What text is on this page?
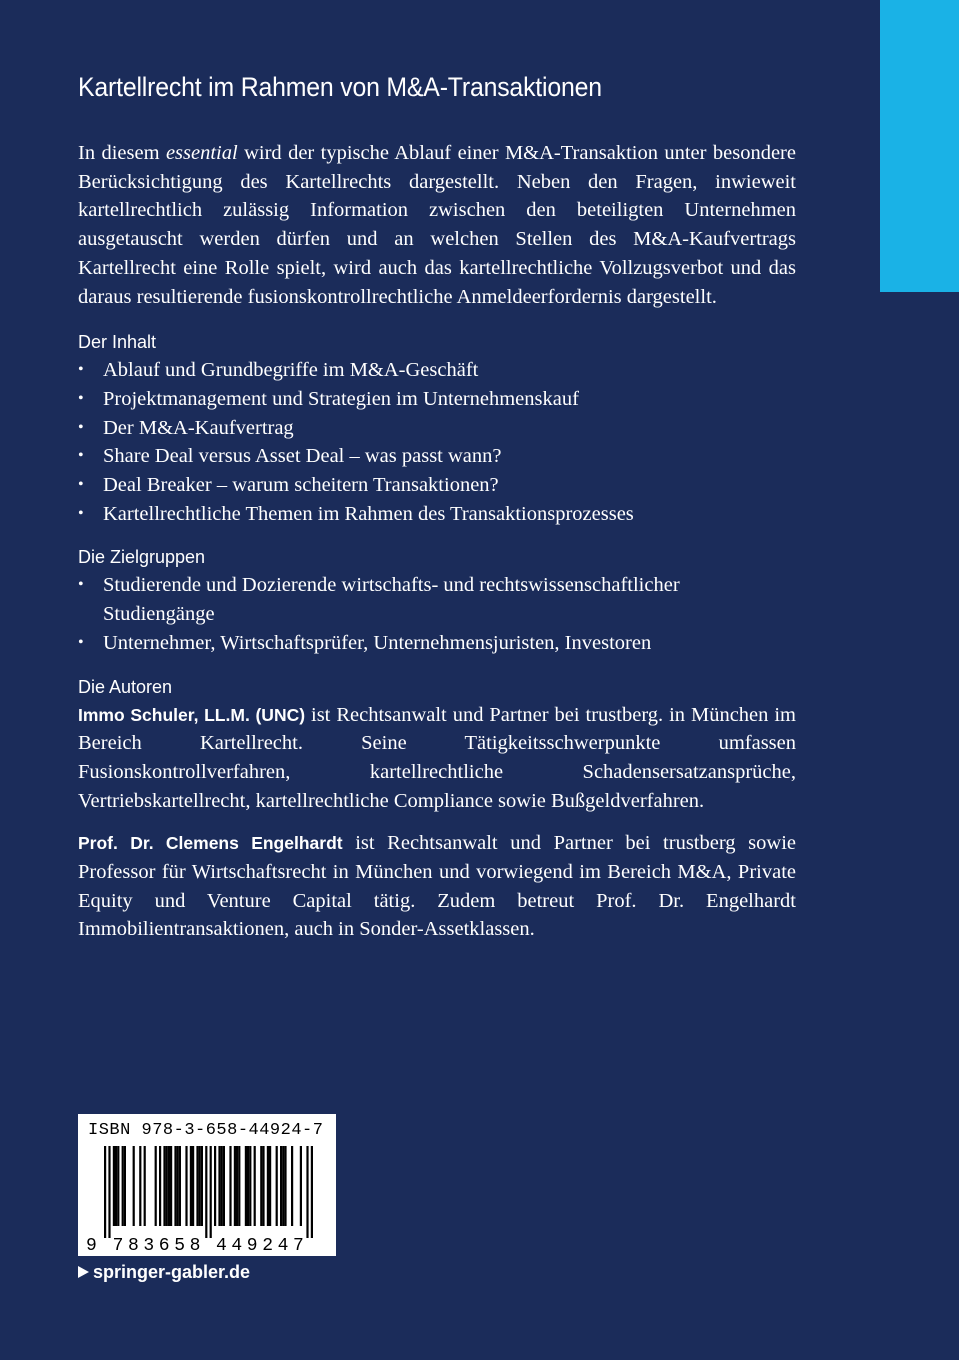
Kartellrecht im Rahmen von M&A-Transaktionen

In diesem essential wird der typische Ablauf einer M&A-Transaktion unter besondere Berücksichtigung des Kartellrechts dargestellt. Neben den Fragen, inwieweit kartellrechtlich zulässig Information zwischen den beteiligten Unternehmen ausgetauscht werden dürfen und an welchen Stellen des M&A-Kaufvertrags Kartellrecht eine Rolle spielt, wird auch das kartellrechtliche Vollzugsverbot und das daraus resultierende fusionskontrollrechtliche Anmeldeerfordernis dargestellt.

Der Inhalt
• Ablauf und Grundbegriffe im M&A-Geschäft
• Projektmanagement und Strategien im Unternehmenskauf
• Der M&A-Kaufvertrag
• Share Deal versus Asset Deal – was passt wann?
• Deal Breaker – warum scheitern Transaktionen?
• Kartellrechtliche Themen im Rahmen des Transaktionsprozesses
Die Zielgruppen
• Studierende und Dozierende wirtschafts- und rechtswissenschaftlicher Studiengänge
• Unternehmer, Wirtschaftsprüfer, Unternehmensjuristen, Investoren
Die Autoren

Immo Schuler, LL.M. (UNC) ist Rechtsanwalt und Partner bei trustberg. in München im Bereich Kartellrecht. Seine Tätigkeitsschwerpunkte umfassen Fusionskontrollverfahren, kartellrechtliche Schadensersatzansprüche, Vertriebskartellrecht, kartellrechtliche Compliance sowie Bußgeldverfahren.

Prof. Dr. Clemens Engelhardt ist Rechtsanwalt und Partner bei trustberg sowie Professor für Wirtschaftsrecht in München und vorwiegend im Bereich M&A, Private Equity und Venture Capital tätig. Zudem betreut Prof. Dr. Engelhardt Immobilientransaktionen, auch in Sonder-Assetklassen.

ISBN 978-3-658-44924-7
9 7 8 3 6 5 8 4 4 9 2 4 7
springer-gabler.de
